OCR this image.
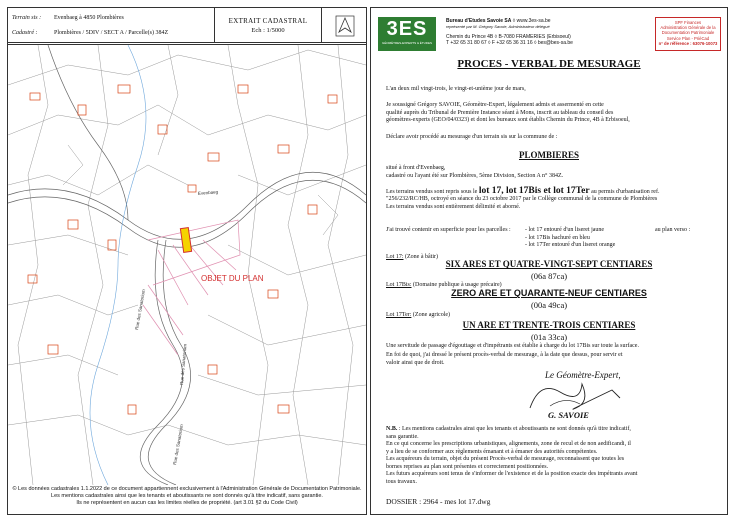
Terrain sis : Evenbaeg à 4850 Plombières
Cadastré :	Plombières / 5DIV / SECT A / Parcelle(s) 384Z
EXTRAIT CADASTRAL
Ech : 1/5000
Rue des Sanatorium
Evenbaeg
Rue des Sanatorium
Rue des Sanatorium
OBJET DU PLAN
© Les données cadastrales 1.1.2022 de ce document appartiennent exclusivement à l'Administration Générale de Documentation Patrimoniale.
Les mentions cadastrales ainsi que les tenants et aboutissants ne sont donnés qu'à titre indicatif, sans garantie.
Ils ne représentent en aucun cas les limites réelles de propriété. (art 3.01 §2 du Code Civil)
3ES
GÉOMÈTRES-EXPERTS & ÉTUDES
Bureau d'Etudes Savoie SA ◊ www.3es-sa.be
représenté par M. Grégory Savoie, Administrateur délégué
Chemin du Prince 4B ◊ B-7080 FRAMERIES (Erbisoeul)
T +32 65 31 80 67 ◊ F +32 65 36 31 16 ◊ bes@bes-sa.be
SPF Finances
Administration Générale de la
Documentation Patrimoniale
Service Plan - PrièCad
n° de référence : 63076-10073
PROCES - VERBAL DE MESURAGE
L'an deux mil vingt-trois, le vingt-et-unième jour de mars,
Je soussigné Grégory SAVOIE, Géomètre-Expert, légalement admis et assermenté en cette
qualité auprès du Tribunal de Première Instance séant à Mons, inscrit au tableau du conseil des
géomètres-experts (GEO/04/0323) et dont les bureaux sont établis Chemin du Prince, 4B à Erbisoeul,
Déclare avoir procédé au mesurage d'un terrain sis sur la commune de :
PLOMBIERES
situé à front d'Evenbaeg,
cadastré ou l'ayant été sur Plombières, 5ème Division, Section A n° 384Z.
Les terrains vendus sont repris sous le lot 17, lot 17Bis et lot 17Ter au permis d'urbanisation ref.
"256/232/RC/HB, octroyé en séance du 23 octobre 2017 par le Collège communal de la commune de Plombières
Les terrains vendus sont entièrement délimité et aborné.
J'ai trouvé contenir en superficie pour les parcelles : - lot 17 entouré d'un liseret jaune
- lot 17Bis hachuré en bleu
- lot 17Ter entouré d'un liseret orange
au plan verso :
Lot 17: (Zone à bâtir)
SIX ARES ET QUATRE-VINGT-SEPT CENTIARES
(06a 87ca)
Lot 17Bis: (Domaine publique à usage précaire)
ZERO ARE ET QUARANTE-NEUF CENTIARES
(00a 49ca)
Lot 17Ter: (Zone agricole)
UN ARE ET TRENTE-TROIS CENTIARES
(01a 33ca)
Une servitude de passage d'égouttage et d'impétrants est établie à charge du lot 17Bis sur toute la surface.
En foi de quoi, j'ai dressé le présent procès-verbal de mesurage, à la date que dessus, pour servir et
valoir ainsi que de droit.
Le Géomètre-Expert,
G. SAVOIE
N.B. : Les mentions cadastrales ainsi que les tenants et aboutissants ne sont donnés qu'à titre indicatif,
sans garantie.
En ce qui concerne les prescriptions urbanistiques, alignements, zone de recul et de non aedificandi, il
y a lieu de se conformer aux règlements émanant et à émaner des autorités compétentes.
Les acquéreurs du terrain, objet du présent Procès-verbal de mesurage, reconnaissent que toutes les
bornes reprises au plan sont présentes et correctement positionnées.
Les futurs acquéreurs sont tenus de s'informer de l'existence et de la position exacte des impétrants avant
tous travaux.
DOSSIER : 2964 - mes lot 17.dwg
